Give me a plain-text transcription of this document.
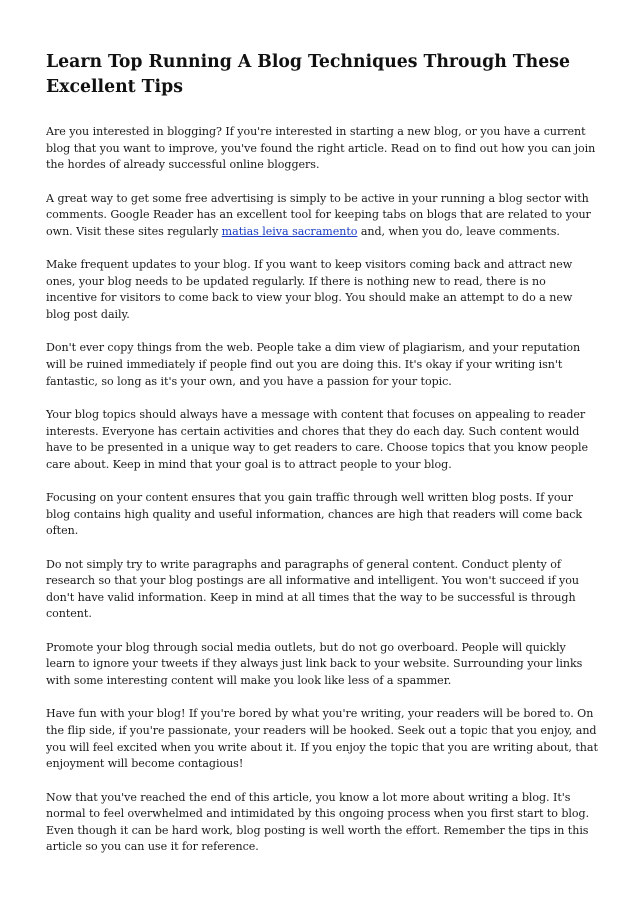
Learn Top Running A Blog Techniques Through These Excellent Tips

Are you interested in blogging? If you're interested in starting a new blog, or you have a current blog that you want to improve, you've found the right article. Read on to find out how you can join the hordes of already successful online bloggers.

A great way to get some free advertising is simply to be active in your running a blog sector with comments. Google Reader has an excellent tool for keeping tabs on blogs that are related to your own. Visit these sites regularly matias leiva sacramento and, when you do, leave comments.

Make frequent updates to your blog. If you want to keep visitors coming back and attract new ones, your blog needs to be updated regularly. If there is nothing new to read, there is no incentive for visitors to come back to view your blog. You should make an attempt to do a new blog post daily.

Don't ever copy things from the web. People take a dim view of plagiarism, and your reputation will be ruined immediately if people find out you are doing this. It's okay if your writing isn't fantastic, so long as it's your own, and you have a passion for your topic.

Your blog topics should always have a message with content that focuses on appealing to reader interests. Everyone has certain activities and chores that they do each day. Such content would have to be presented in a unique way to get readers to care. Choose topics that you know people care about. Keep in mind that your goal is to attract people to your blog.

Focusing on your content ensures that you gain traffic through well written blog posts. If your blog contains high quality and useful information, chances are high that readers will come back often.

Do not simply try to write paragraphs and paragraphs of general content. Conduct plenty of research so that your blog postings are all informative and intelligent. You won't succeed if you don't have valid information. Keep in mind at all times that the way to be successful is through content.

Promote your blog through social media outlets, but do not go overboard. People will quickly learn to ignore your tweets if they always just link back to your website. Surrounding your links with some interesting content will make you look like less of a spammer.

Have fun with your blog! If you're bored by what you're writing, your readers will be bored to. On the flip side, if you're passionate, your readers will be hooked. Seek out a topic that you enjoy, and you will feel excited when you write about it. If you enjoy the topic that you are writing about, that enjoyment will become contagious!

Now that you've reached the end of this article, you know a lot more about writing a blog. It's normal to feel overwhelmed and intimidated by this ongoing process when you first start to blog. Even though it can be hard work, blog posting is well worth the effort. Remember the tips in this article so you can use it for reference.
